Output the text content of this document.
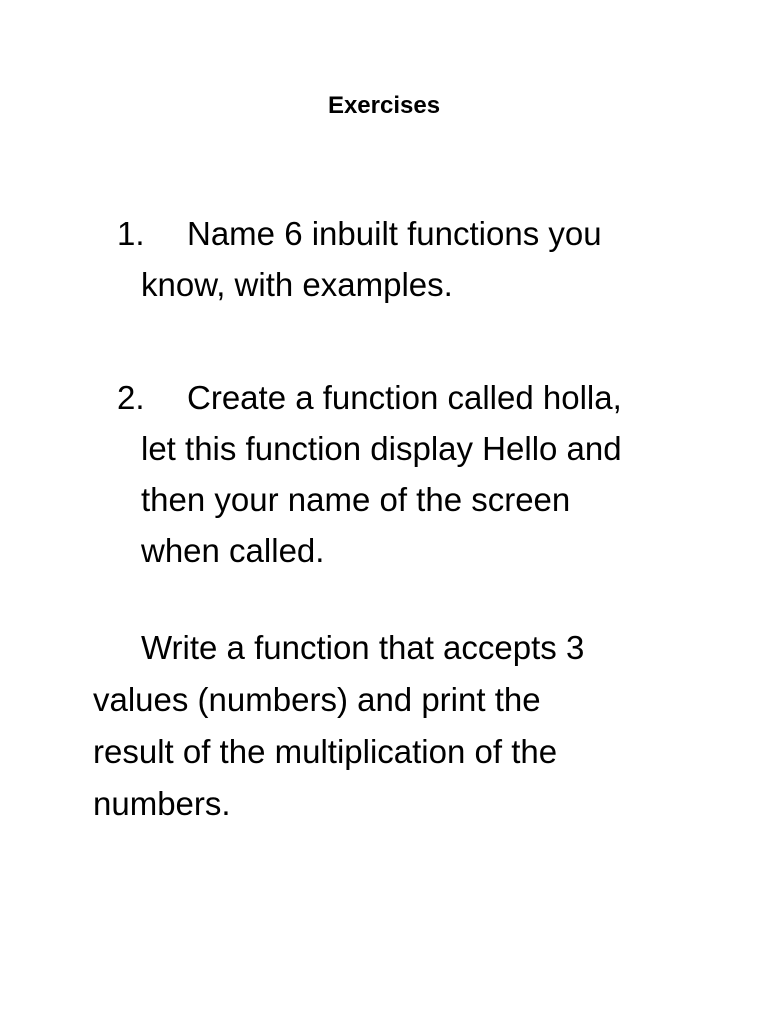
Exercises
1.	Name 6 inbuilt functions you
know, with examples.
2.	Create a function called holla,
let this function display Hello and
then your name of the screen
when called.
Write a function that accepts 3
values (numbers) and print the
result of the multiplication of the
numbers.
